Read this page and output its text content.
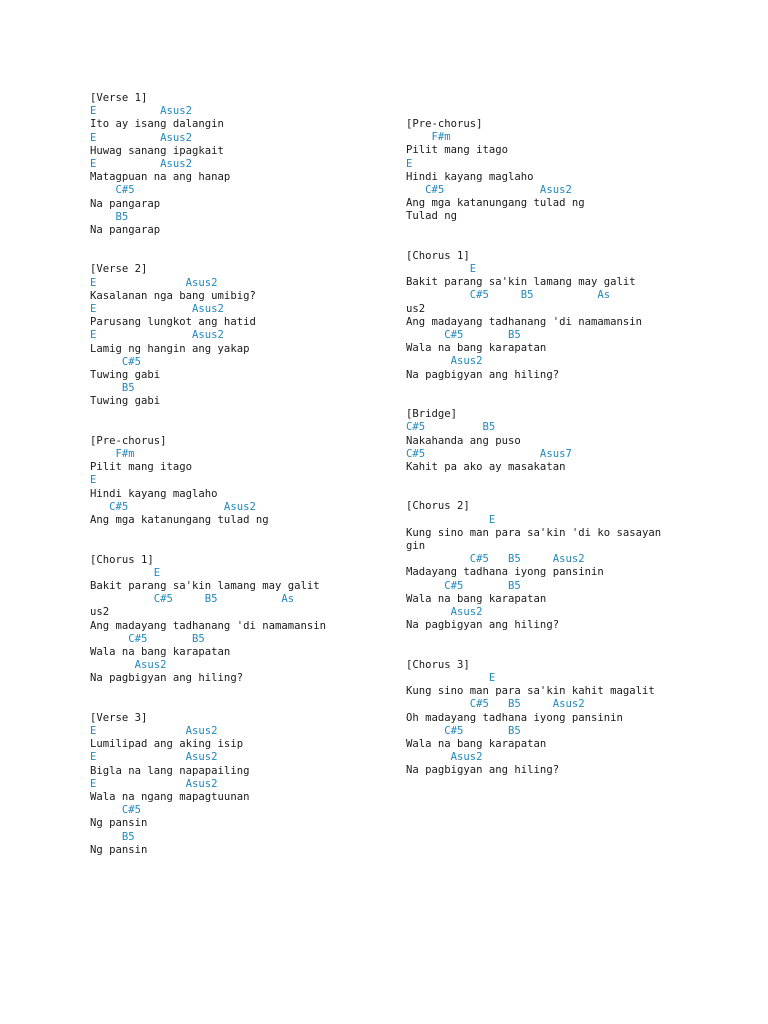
[Verse 1]
E          Asus2
Ito ay isang dalangin
E          Asus2
Huwag sanang ipagkait
E          Asus2
Matagpuan na ang hanap
C#5
Na pangarap
B5
Na pangarap
[Verse 2]
E              Asus2
Kasalanan nga bang umibig?
E               Asus2
Parusang lungkot ang hatid
E               Asus2
Lamig ng hangin ang yakap
C#5
Tuwing gabi
B5
Tuwing gabi
[Pre-chorus]
F#m
Pilit mang itago
E
Hindi kayang maglaho
C#5               Asus2
Ang mga katanungang tulad ng
[Chorus 1]
E
Bakit parang sa'kin lamang may galit
C#5     B5          As
us2
Ang madayang tadhanang 'di namamansin
C#5       B5
Wala na bang karapatan
Asus2
Na pagbigyan ang hiling?
[Verse 3]
E              Asus2
Lumilipad ang aking isip
E              Asus2
Bigla na lang napapailing
E              Asus2
Wala na ngang mapagtuunan
C#5
Ng pansin
B5
Ng pansin
[Pre-chorus]
F#m
Pilit mang itago
E
Hindi kayang maglaho
C#5               Asus2
Ang mga katanungang tulad ng
Tulad ng
[Chorus 1]
E
Bakit parang sa'kin lamang may galit
C#5     B5          As
us2
Ang madayang tadhanang 'di namamansin
C#5       B5
Wala na bang karapatan
Asus2
Na pagbigyan ang hiling?
[Bridge]
C#5         B5
Nakahanda ang puso
C#5                  Asus7
Kahit pa ako ay masakatan
[Chorus 2]
E
Kung sino man para sa'kin 'di ko sasayan
gin
C#5   B5     Asus2
Madayang tadhana iyong pansinin
C#5       B5
Wala na bang karapatan
Asus2
Na pagbigyan ang hiling?
[Chorus 3]
E
Kung sino man para sa'kin kahit magalit
C#5   B5     Asus2
Oh madayang tadhana iyong pansinin
C#5       B5
Wala na bang karapatan
Asus2
Na pagbigyan ang hiling?
